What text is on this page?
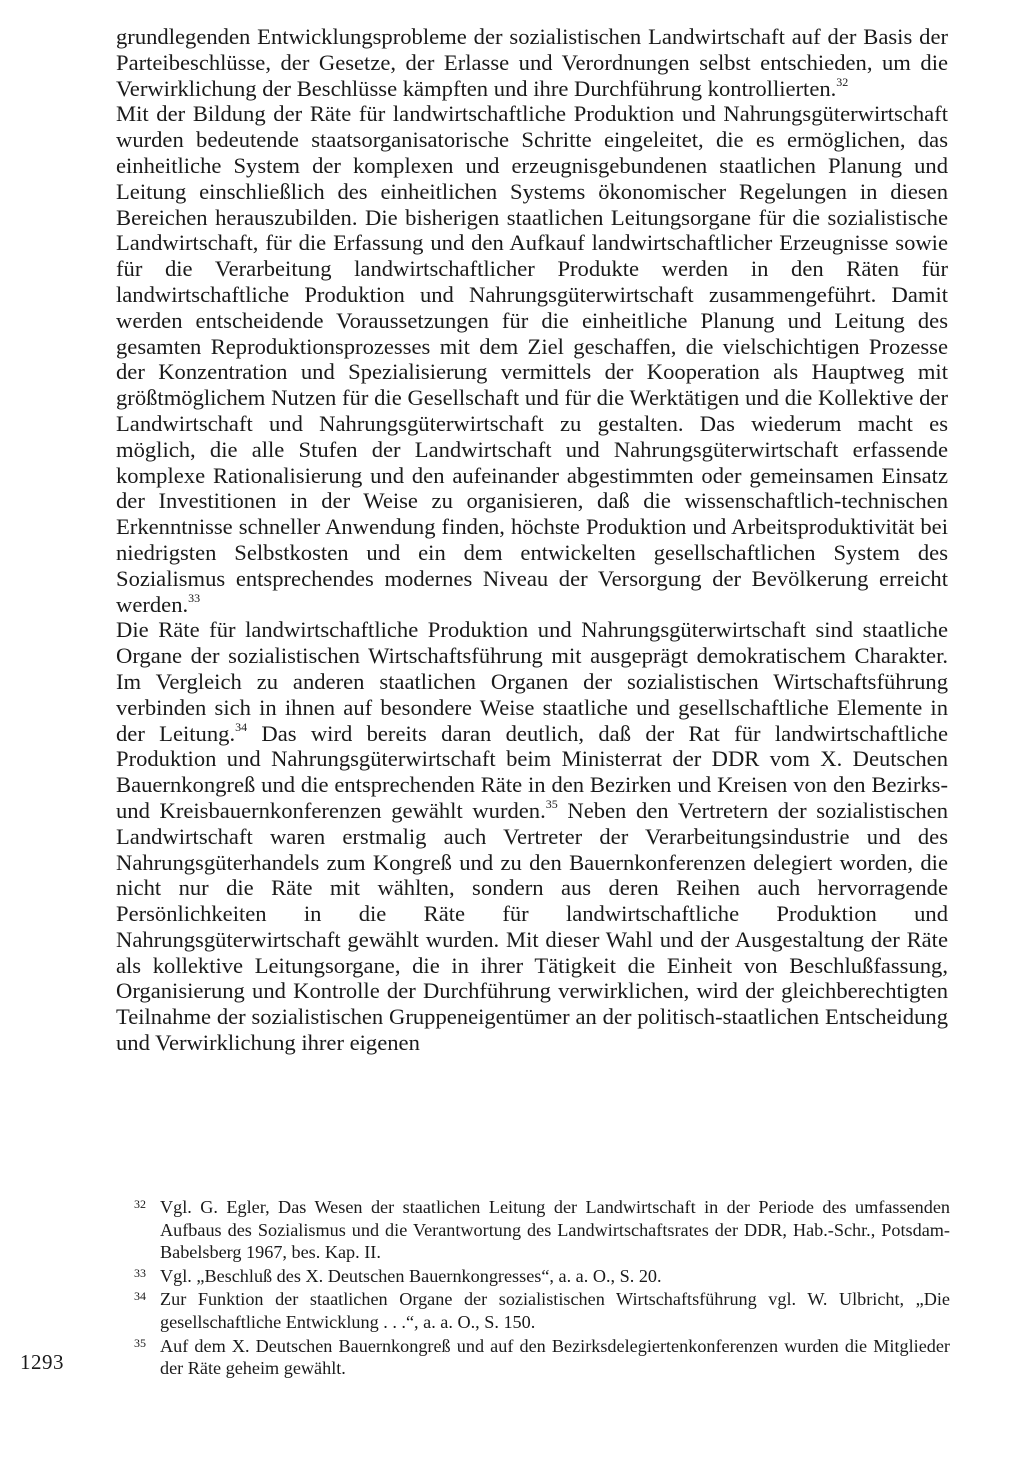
grundlegenden Entwicklungsprobleme der sozialistischen Landwirtschaft auf der Basis der Parteibeschlüsse, der Gesetze, der Erlasse und Verordnungen selbst entschieden, um die Verwirklichung der Beschlüsse kämpften und ihre Durchführung kontrollierten.$^{32}$

Mit der Bildung der Räte für landwirtschaftliche Produktion und Nahrungsgüterwirtschaft wurden bedeutende staatsorganisatorische Schritte eingeleitet, die es ermöglichen, das einheitliche System der komplexen und erzeugnisgebundenen staatlichen Planung und Leitung einschließlich des einheitlichen Systems ökonomischer Regelungen in diesen Bereichen herauszubilden. Die bisherigen staatlichen Leitungsorgane für die sozialistische Landwirtschaft, für die Erfassung und den Aufkauf landwirtschaftlicher Erzeugnisse sowie für die Verarbeitung landwirtschaftlicher Produkte werden in den Räten für landwirtschaftliche Produktion und Nahrungsgüterwirtschaft zusammengeführt. Damit werden entscheidende Voraussetzungen für die einheitliche Planung und Leitung des gesamten Reproduktionsprozesses mit dem Ziel geschaffen, die vielschichtigen Prozesse der Konzentration und Spezialisierung vermittels der Kooperation als Hauptweg mit größtmöglichem Nutzen für die Gesellschaft und für die Werktätigen und die Kollektive der Landwirtschaft und Nahrungsgüterwirtschaft zu gestalten. Das wiederum macht es möglich, die alle Stufen der Landwirtschaft und Nahrungsgüterwirtschaft erfassende komplexe Rationalisierung und den aufeinander abgestimmten oder gemeinsamen Einsatz der Investitionen in der Weise zu organisieren, daß die wissenschaftlich-technischen Erkenntnisse schneller Anwendung finden, höchste Produktion und Arbeitsproduktivität bei niedrigsten Selbstkosten und ein dem entwickelten gesellschaftlichen System des Sozialismus entsprechendes modernes Niveau der Versorgung der Bevölkerung erreicht werden.$^{33}$

Die Räte für landwirtschaftliche Produktion und Nahrungsgüterwirtschaft sind staatliche Organe der sozialistischen Wirtschaftsführung mit ausgeprägt demokratischem Charakter. Im Vergleich zu anderen staatlichen Organen der sozialistischen Wirtschaftsführung verbinden sich in ihnen auf besondere Weise staatliche und gesellschaftliche Elemente in der Leitung.$^{34}$ Das wird bereits daran deutlich, daß der Rat für landwirtschaftliche Produktion und Nahrungsgüterwirtschaft beim Ministerrat der DDR vom X. Deutschen Bauernkongreß und die entsprechenden Räte in den Bezirken und Kreisen von den Bezirks- und Kreisbauernkonferenzen gewählt wurden.$^{35}$ Neben den Vertretern der sozialistischen Landwirtschaft waren erstmalig auch Vertreter der Verarbeitungsindustrie und des Nahrungsgüterhandels zum Kongreß und zu den Bauernkonferenzen delegiert worden, die nicht nur die Räte mit wählten, sondern aus deren Reihen auch hervorragende Persönlichkeiten in die Räte für landwirtschaftliche Produktion und Nahrungsgüterwirtschaft gewählt wurden. Mit dieser Wahl und der Ausgestaltung der Räte als kollektive Leitungsorgane, die in ihrer Tätigkeit die Einheit von Beschlußfassung, Organisierung und Kontrolle der Durchführung verwirklichen, wird der gleichberechtigten Teilnahme der sozialistischen Gruppeneigentümer an der politisch-staatlichen Entscheidung und Verwirklichung ihrer eigenen

32 Vgl. G. Egler, Das Wesen der staatlichen Leitung der Landwirtschaft in der Periode des umfassenden Aufbaus des Sozialismus und die Verantwortung des Landwirtschaftsrates der DDR, Hab.-Schr., Potsdam-Babelsberg 1967, bes. Kap. II.
33 Vgl. „Beschluß des X. Deutschen Bauernkongresses“, a. a. O., S. 20.
34 Zur Funktion der staatlichen Organe der sozialistischen Wirtschaftsführung vgl. W. Ulbricht, „Die gesellschaftliche Entwicklung . . .“, a. a. O., S. 150.
35 Auf dem X. Deutschen Bauernkongreß und auf den Bezirksdelegiertenkonferenzen wurden die Mitglieder der Räte geheim gewählt.
1293
